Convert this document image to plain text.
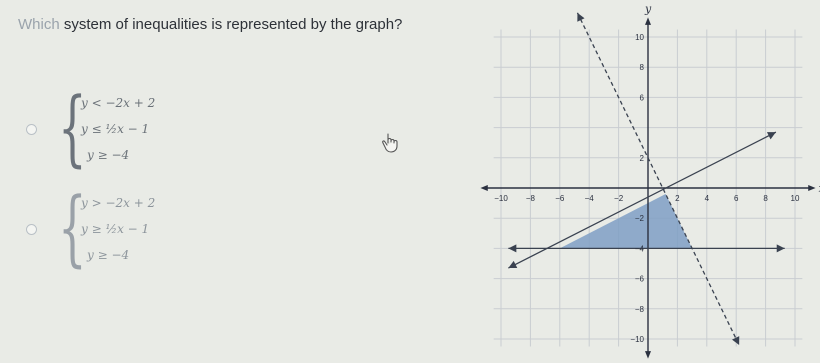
Which system of inequalities is represented by the graph?
{
y < −2x + 2
y ≤ ½x − 1
y ≥ −4
{
y > −2x + 2
y ≥ ½x − 1
y ≥ −4
−10 −8	−6	−4	−2	2	4	6	8	10
10
8
6
2
−2
−4
−6
−8
−10
y
